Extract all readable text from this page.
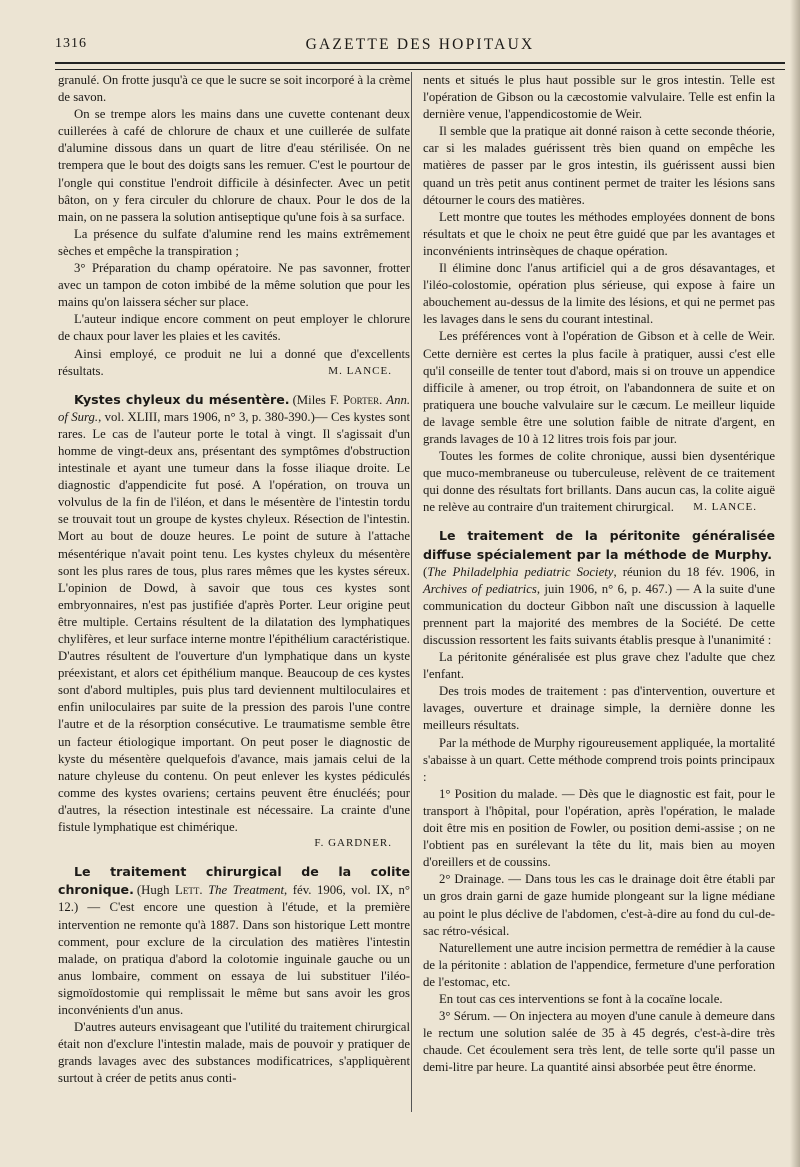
1316	GAZETTE DES HOPITAUX

granulé. On frotte jusqu'à ce que le sucre se soit incorporé à la crème de savon.

On se trempe alors les mains dans une cuvette contenant deux cuillerées à café de chlorure de chaux et une cuillerée de sulfate d'alumine dissous dans un quart de litre d'eau stérilisée. On ne trempera que le bout des doigts sans les remuer. C'est le pourtour de l'ongle qui constitue l'endroit difficile à désinfecter. Avec un petit bâton, on y fera circuler du chlorure de chaux. Pour le dos de la main, on ne passera la solution antiseptique qu'une fois à sa surface.

La présence du sulfate d'alumine rend les mains extrêmement sèches et empêche la transpiration ;

3° Préparation du champ opératoire. Ne pas savonner, frotter avec un tampon de coton imbibé de la même solution que pour les mains qu'on laissera sécher sur place.

L'auteur indique encore comment on peut employer le chlorure de chaux pour laver les plaies et les cavités.

Ainsi employé, ce produit ne lui a donné que d'excellents résultats.	M. LANCE.

Kystes chyleux du mésentère. (Miles F. Porter. Ann. of Surg., vol. XLIII, mars 1906, n° 3, p. 380-390.)— Ces kystes sont rares. Le cas de l'auteur porte le total à vingt. Il s'agissait d'un homme de vingt-deux ans, présentant des symptômes d'obstruction intestinale et ayant une tumeur dans la fosse iliaque droite. Le diagnostic d'appendicite fut posé. A l'opération, on trouva un volvulus de la fin de l'iléon, et dans le mésentère de l'intestin tordu se trouvait tout un groupe de kystes chyleux. Résection de l'intestin. Mort au bout de douze heures. Le point de suture à l'attache mésentérique n'avait point tenu. Les kystes chyleux du mésentère sont les plus rares de tous, plus rares mêmes que les kystes séreux. L'opinion de Dowd, à savoir que tous ces kystes sont embryonnaires, n'est pas justifiée d'après Porter. Leur origine peut être multiple. Certains résultent de la dilatation des lymphatiques chylifères, et leur surface interne montre l'épithélium caractéristique. D'autres résultent de l'ouverture d'un lymphatique dans un kyste préexistant, et alors cet épithélium manque. Beaucoup de ces kystes sont d'abord multiples, puis plus tard deviennent multiloculaires et enfin uniloculaires par suite de la pression des parois l'une contre l'autre et de la résorption consécutive. Le traumatisme semble être un facteur étiologique important. On peut poser le diagnostic de kyste du mésentère quelquefois d'avance, mais jamais celui de la nature chyleuse du contenu. On peut enlever les kystes pédiculés comme des kystes ovariens; certains peuvent être énucléés; pour d'autres, la résection intestinale est nécessaire. La crainte d'une fistule lymphatique est chimérique.

F. GARDNER.

Le traitement chirurgical de la colite chronique. (Hugh Lett. The Treatment, fév. 1906, vol. IX, n° 12.) — C'est encore une question à l'étude, et la première intervention ne remonte qu'à 1887. Dans son historique Lett montre comment, pour exclure de la circulation des matières l'intestin malade, on pratiqua d'abord la colotomie inguinale gauche ou un anus lombaire, comment on essaya de lui substituer l'iléo-sigmoïdostomie qui remplissait le même but sans avoir les gros inconvénients d'un anus.

D'autres auteurs envisageant que l'utilité du traitement chirurgical était non d'exclure l'intestin malade, mais de pouvoir y pratiquer de grands lavages avec des substances modificatrices, s'appliquèrent surtout à créer de petits anus conti-

nents et situés le plus haut possible sur le gros intestin. Telle est l'opération de Gibson ou la cæcostomie valvulaire. Telle est enfin la dernière venue, l'appendicostomie de Weir.

Il semble que la pratique ait donné raison à cette seconde théorie, car si les malades guérissent très bien quand on empêche les matières de passer par le gros intestin, ils guérissent aussi bien quand un très petit anus continent permet de traiter les lésions sans détourner le cours des matières.

Lett montre que toutes les méthodes employées donnent de bons résultats et que le choix ne peut être guidé que par les avantages et inconvénients intrinsèques de chaque opération.

Il élimine donc l'anus artificiel qui a de gros désavantages, et l'iléo-colostomie, opération plus sérieuse, qui expose à faire un abouchement au-dessus de la limite des lésions, et qui ne permet pas les lavages dans le sens du courant intestinal.

Les préférences vont à l'opération de Gibson et à celle de Weir. Cette dernière est certes la plus facile à pratiquer, aussi c'est elle qu'il conseille de tenter tout d'abord, mais si on trouve un appendice difficile à amener, ou trop étroit, on l'abandonnera de suite et on pratiquera une bouche valvulaire sur le cæcum. Le meilleur liquide de lavage semble être une solution faible de nitrate d'argent, en grands lavages de 10 à 12 litres trois fois par jour.

Toutes les formes de colite chronique, aussi bien dysentérique que muco-membraneuse ou tuberculeuse, relèvent de ce traitement qui donne des résultats fort brillants. Dans aucun cas, la colite aiguë ne relève au contraire d'un traitement chirurgical.	M. LANCE.

Le traitement de la péritonite généralisée diffuse spécialement par la méthode de Murphy. (The Philadelphia pediatric Society, réunion du 18 fév. 1906, in Archives of pediatrics, juin 1906, n° 6, p. 467.) — A la suite d'une communication du docteur Gibbon naît une discussion à laquelle prennent part la majorité des membres de la Société. De cette discussion ressortent les faits suivants établis presque à l'unanimité :

La péritonite généralisée est plus grave chez l'adulte que chez l'enfant.

Des trois modes de traitement : pas d'intervention, ouverture et lavages, ouverture et drainage simple, la dernière donne les meilleurs résultats.

Par la méthode de Murphy rigoureusement appliquée, la mortalité s'abaisse à un quart. Cette méthode comprend trois points principaux :

1° Position du malade. — Dès que le diagnostic est fait, pour le transport à l'hôpital, pour l'opération, après l'opération, le malade doit être mis en position de Fowler, ou position demi-assise ; on ne l'obtient pas en surélevant la tête du lit, mais bien au moyen d'oreillers et de coussins.

2° Drainage. — Dans tous les cas le drainage doit être établi par un gros drain garni de gaze humide plongeant sur la ligne médiane au point le plus déclive de l'abdomen, c'est-à-dire au fond du cul-de-sac rétro-vésical.

Naturellement une autre incision permettra de remédier à la cause de la péritonite : ablation de l'appendice, fermeture d'une perforation de l'estomac, etc.

En tout cas ces interventions se font à la cocaïne locale.

3° Sérum. — On injectera au moyen d'une canule à demeure dans le rectum une solution salée de 35 à 45 degrés, c'est-à-dire très chaude. Cet écoulement sera très lent, de telle sorte qu'il passe un demi-litre par heure. La quantité ainsi absorbée peut être énorme.
